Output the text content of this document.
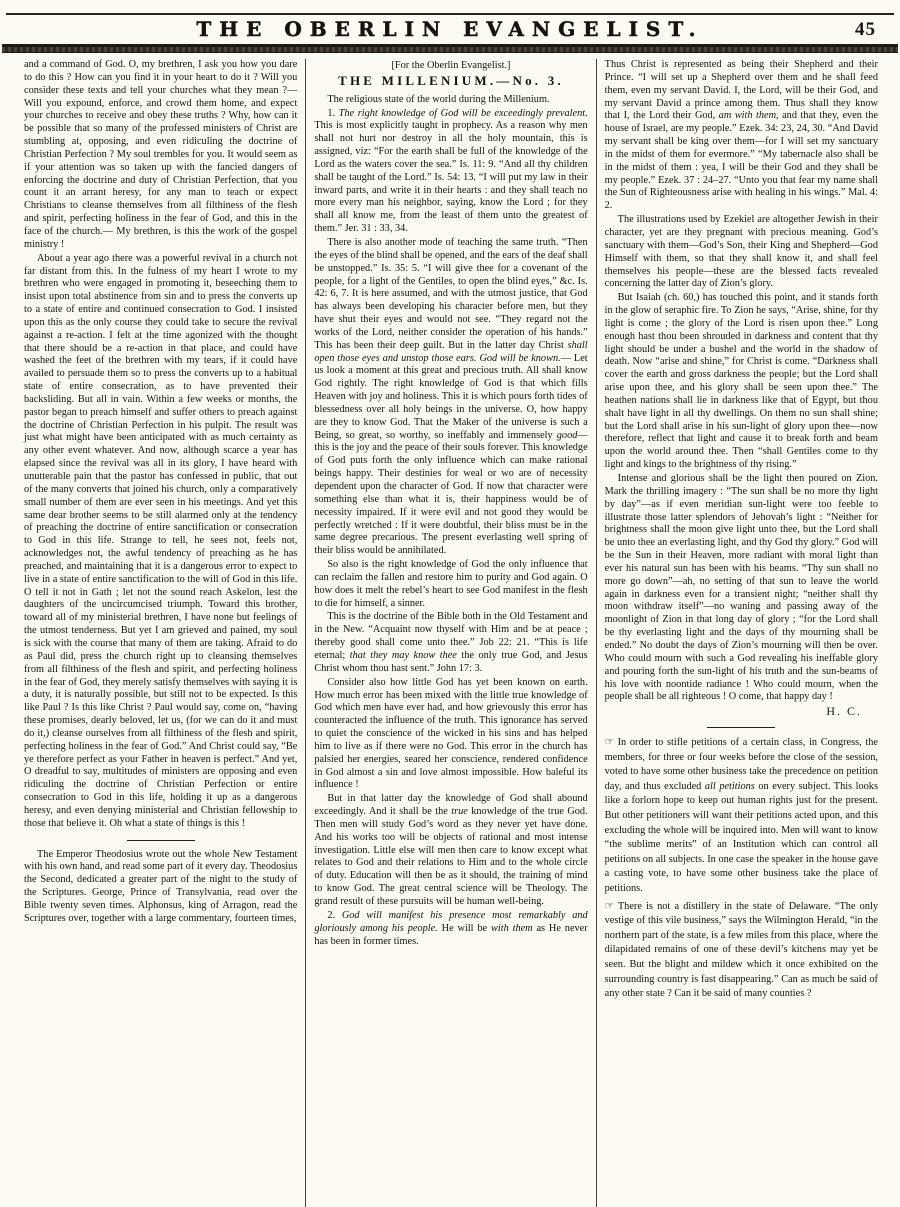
THE OBERLIN EVANGELIST.	45

and a command of God. O, my brethren, I ask you how you dare to do this ? How can you find it in your heart to do it ? Will you consider these texts and tell your churches what they mean ?— Will you expound, enforce, and crowd them home, and expect your churches to receive and obey these truths ? Why, how can it be possible that so many of the professed ministers of Christ are stumbling at, opposing, and even ridiculing the doctrine of Christian Perfection ? My soul trembles for you. It would seem as if your attention was so taken up with the fancied dangers of enforcing the doctrine and duty of Christian Perfection, that you count it an arrant heresy, for any man to teach or expect Christians to cleanse themselves from all filthiness of the flesh and spirit, perfecting holiness in the fear of God, and this in the face of the church.— My brethren, is this the work of the gospel ministry !

About a year ago there was a powerful revival in a church not far distant from this. In the fulness of my heart I wrote to my brethren who were engaged in promoting it, beseeching them to insist upon total abstinence from sin and to press the converts up to a state of entire and continued consecration to God. I insisted upon this as the only course they could take to secure the revival against a re-action. I felt at the time agonized with the thought that there should be a re-action in that place, and could have washed the feet of the brethren with my tears, if it could have availed to persuade them so to press the converts up to a habitual state of entire consecration, as to have prevented their backsliding. But all in vain. Within a few weeks or months, the pastor began to preach himself and suffer others to preach against the doctrine of Christian Perfection in his pulpit. The result was just what might have been anticipated with as much certainty as any other event whatever. And now, although scarce a year has elapsed since the revival was all in its glory, I have heard with unutterable pain that the pastor has confessed in public, that out of the many converts that joined his church, only a comparatively small number of them are ever seen in his meetings. And yet this same dear brother seems to be still alarmed only at the tendency of preaching the doctrine of entire sanctification or consecration to God in this life. Strange to tell, he sees not, feels not, acknowledges not, the awful tendency of preaching as he has preached, and maintaining that it is a dangerous error to expect to live in a state of entire sanctification to the will of God in this life. O tell it not in Gath ; let not the sound reach Askelon, lest the daughters of the uncircumcised triumph. Toward this brother, toward all of my ministerial brethren, I have none but feelings of the utmost tenderness. But yet I am grieved and pained, my soul is sick with the course that many of them are taking. Afraid to do as Paul did, press the church right up to cleansing themselves from all filthiness of the flesh and spirit, and perfecting holiness in the fear of God, they merely satisfy themselves with saying it is a duty, it is naturally possible, but still not to be expected. Is this like Paul ? Is this like Christ ? Paul would say, come on, “having these promises, dearly beloved, let us, (for we can do it and must do it,) cleanse ourselves from all filthiness of the flesh and spirit, perfecting holiness in the fear of God.” And Christ could say, “Be ye therefore perfect as your Father in heaven is perfect.” And yet, O dreadful to say, multitudes of ministers are opposing and even ridiculing the doctrine of Christian Perfection or entire consecration to God in this life, holding it up as a dangerous heresy, and even denying ministerial and Christian fellowship to those that believe it. Oh what a state of things is this !

The Emperor Theodosius wrote out the whole New Testament with his own hand, and read some part of it every day. Theodosius the Second, dedicated a greater part of the night to the study of the Scriptures. George, Prince of Transylvania, read over the Bible twenty seven times. Alphonsus, king of Arragon, read the Scriptures over, together with a large commentary, fourteen times,

[For the Oberlin Evangelist.]
THE MILLENIUM.—No. 3.

The religious state of the world during the Millenium.

1. The right knowledge of God will be exceedingly prevalent. This is most explicitly taught in prophecy. As a reason why men shall not hurt nor destroy in all the holy mountain, this is assigned, viz: “For the earth shall be full of the knowledge of the Lord as the waters cover the sea.” Is. 11: 9. “And all thy children shall be taught of the Lord.” Is. 54: 13. “I will put my law in their inward parts, and write it in their hearts : and they shall teach no more every man his neighbor, saying, know the Lord ; for they shall all know me, from the least of them unto the greatest of them.” Jer. 31 : 33, 34.

There is also another mode of teaching the same truth. “Then the eyes of the blind shall be opened, and the ears of the deaf shall be unstopped.” Is. 35: 5. “I will give thee for a covenant of the people, for a light of the Gentiles, to open the blind eyes,” &c. Is. 42: 6, 7. It is here assumed, and with the utmost justice, that God has always been developing his character before men, but they have shut their eyes and would not see. “They regard not the works of the Lord, neither consider the operation of his hands.” This has been their deep guilt. But in the latter day Christ shall open those eyes and unstop those ears. God will be known.— Let us look a moment at this great and precious truth. All shall know God rightly. The right knowledge of God is that which fills Heaven with joy and holiness. This it is which pours forth tides of blessedness over all holy beings in the universe. O, how happy are they to know God. That the Maker of the universe is such a Being, so great, so worthy, so ineffably and immensely good—this is the joy and the peace of their souls forever. This knowledge of God puts forth the only influence which can make rational beings happy. Their destinies for weal or wo are of necessity dependent upon the character of God. If now that character were something else than what it is, their happiness would be of necessity impaired. If it were evil and not good they would be perfectly wretched : If it were doubtful, their bliss must be in the same degree precarious. The present everlasting well spring of their bliss would be annihilated.

So also is the right knowledge of God the only influence that can reclaim the fallen and restore him to purity and God again. O how does it melt the rebel’s heart to see God manifest in the flesh to die for himself, a sinner.

This is the doctrine of the Bible both in the Old Testament and in the New. “Acquaint now thyself with Him and be at peace ; thereby good shall come unto thee.” Job 22: 21. “This is life eternal; that they may know thee the only true God, and Jesus Christ whom thou hast sent.” John 17: 3.

Consider also how little God has yet been known on earth. How much error has been mixed with the little true knowledge of God which men have ever had, and how grievously this error has counteracted the influence of the truth. This ignorance has served to quiet the conscience of the wicked in his sins and has helped him to live as if there were no God. This error in the church has palsied her energies, seared her conscience, rendered confidence in God almost a sin and love almost impossible. How baleful its influence !

But in that latter day the knowledge of God shall abound exceedingly. And it shall be the true knowledge of the true God. Then men will study God’s word as they never yet have done. And his works too will be objects of rational and most intense investigation. Little else will men then care to know except what relates to God and their relations to Him and to the whole circle of duty. Education will then be as it should, the training of mind to know God. The great central science will be Theology. The grand result of these pursuits will be human well-being.

2. God will manifest his presence most remarkably and gloriously among his people. He will be with them as He never has been in former times.

Thus Christ is represented as being their Shepherd and their Prince. “I will set up a Shepherd over them and he shall feed them, even my servant David. I, the Lord, will be their God, and my servant David a prince among them. Thus shall they know that I, the Lord their God, am with them, and that they, even the house of Israel, are my people.” Ezek. 34: 23, 24, 30. “And David my servant shall be king over them—for I will set my sanctuary in the midst of them for evermore.” “My tabernacle also shall be in the midst of them : yea, I will be their God and they shall be my people.” Ezek. 37 : 24–27. “Unto you that fear my name shall the Sun of Righteousness arise with healing in his wings.” Mal. 4: 2.

The illustrations used by Ezekiel are altogether Jewish in their character, yet are they pregnant with precious meaning. God’s sanctuary with them—God’s Son, their King and Shepherd—God Himself with them, so that they shall know it, and shall feel themselves his people—these are the blessed facts revealed concerning the latter day of Zion’s glory.

But Isaiah (ch. 60,) has touched this point, and it stands forth in the glow of seraphic fire. To Zion he says, “Arise, shine, for thy light is come ; the glory of the Lord is risen upon thee.” Long enough hast thou been shrouded in darkness and content that thy light should be under a bushel and the world in the shadow of death. Now “arise and shine,” for Christ is come. “Darkness shall cover the earth and gross darkness the people; but the Lord shall arise upon thee, and his glory shall be seen upon thee.” The heathen nations shall lie in darkness like that of Egypt, but thou shalt have light in all thy dwellings. On them no sun shall shine; but the Lord shall arise in his sun-light of glory upon thee—now therefore, reflect that light and cause it to break forth and beam upon the world around thee. Then “shall Gentiles come to thy light and kings to the brightness of thy rising.”

Intense and glorious shall be the light then poured on Zion. Mark the thrilling imagery : “The sun shall be no more thy light by day”—as if even meridian sun-light were too feeble to illustrate those latter splendors of Jehovah’s light : “Neither for brightness shall the moon give light unto thee, but the Lord shall be unto thee an everlasting light, and thy God thy glory.” God will be the Sun in their Heaven, more radiant with moral light than ever his natural sun has been with his beams. “Thy sun shall no more go down”—ah, no setting of that sun to leave the world again in darkness even for a transient night; “neither shall thy moon withdraw itself”—no waning and passing away of the moonlight of Zion in that long day of glory ; “for the Lord shall be thy everlasting light and the days of thy mourning shall be ended.” No doubt the days of Zion’s mourning will then be over. Who could mourn with such a God revealing his ineffable glory and pouring forth the sun-light of his truth and the sun-beams of his love with noontide radiance ! Who could mourn, when the people shall be all righteous ! O come, that happy day !

H. C.

☞ In order to stifle petitions of a certain class, in Congress, the members, for three or four weeks before the close of the session, voted to have some other business take the precedence on petition day, and thus excluded all petitions on every subject. This looks like a forlorn hope to keep out human rights just for the present. But other petitioners will want their petitions acted upon, and this excluding the whole will be inquired into. Men will want to know “the sublime merits” of an Institution which can control all petitions on all subjects. In one case the speaker in the house gave a casting vote, to have some other business take the place of petitions.

☞ There is not a distillery in the state of Delaware. “The only vestige of this vile business,” says the Wilmington Herald, “in the northern part of the state, is a few miles from this place, where the dilapidated remains of one of these devil’s kitchens may yet be seen. But the blight and mildew which it once exhibited on the surrounding country is fast disappearing.” Can as much be said of any other state ? Can it be said of many counties ?
